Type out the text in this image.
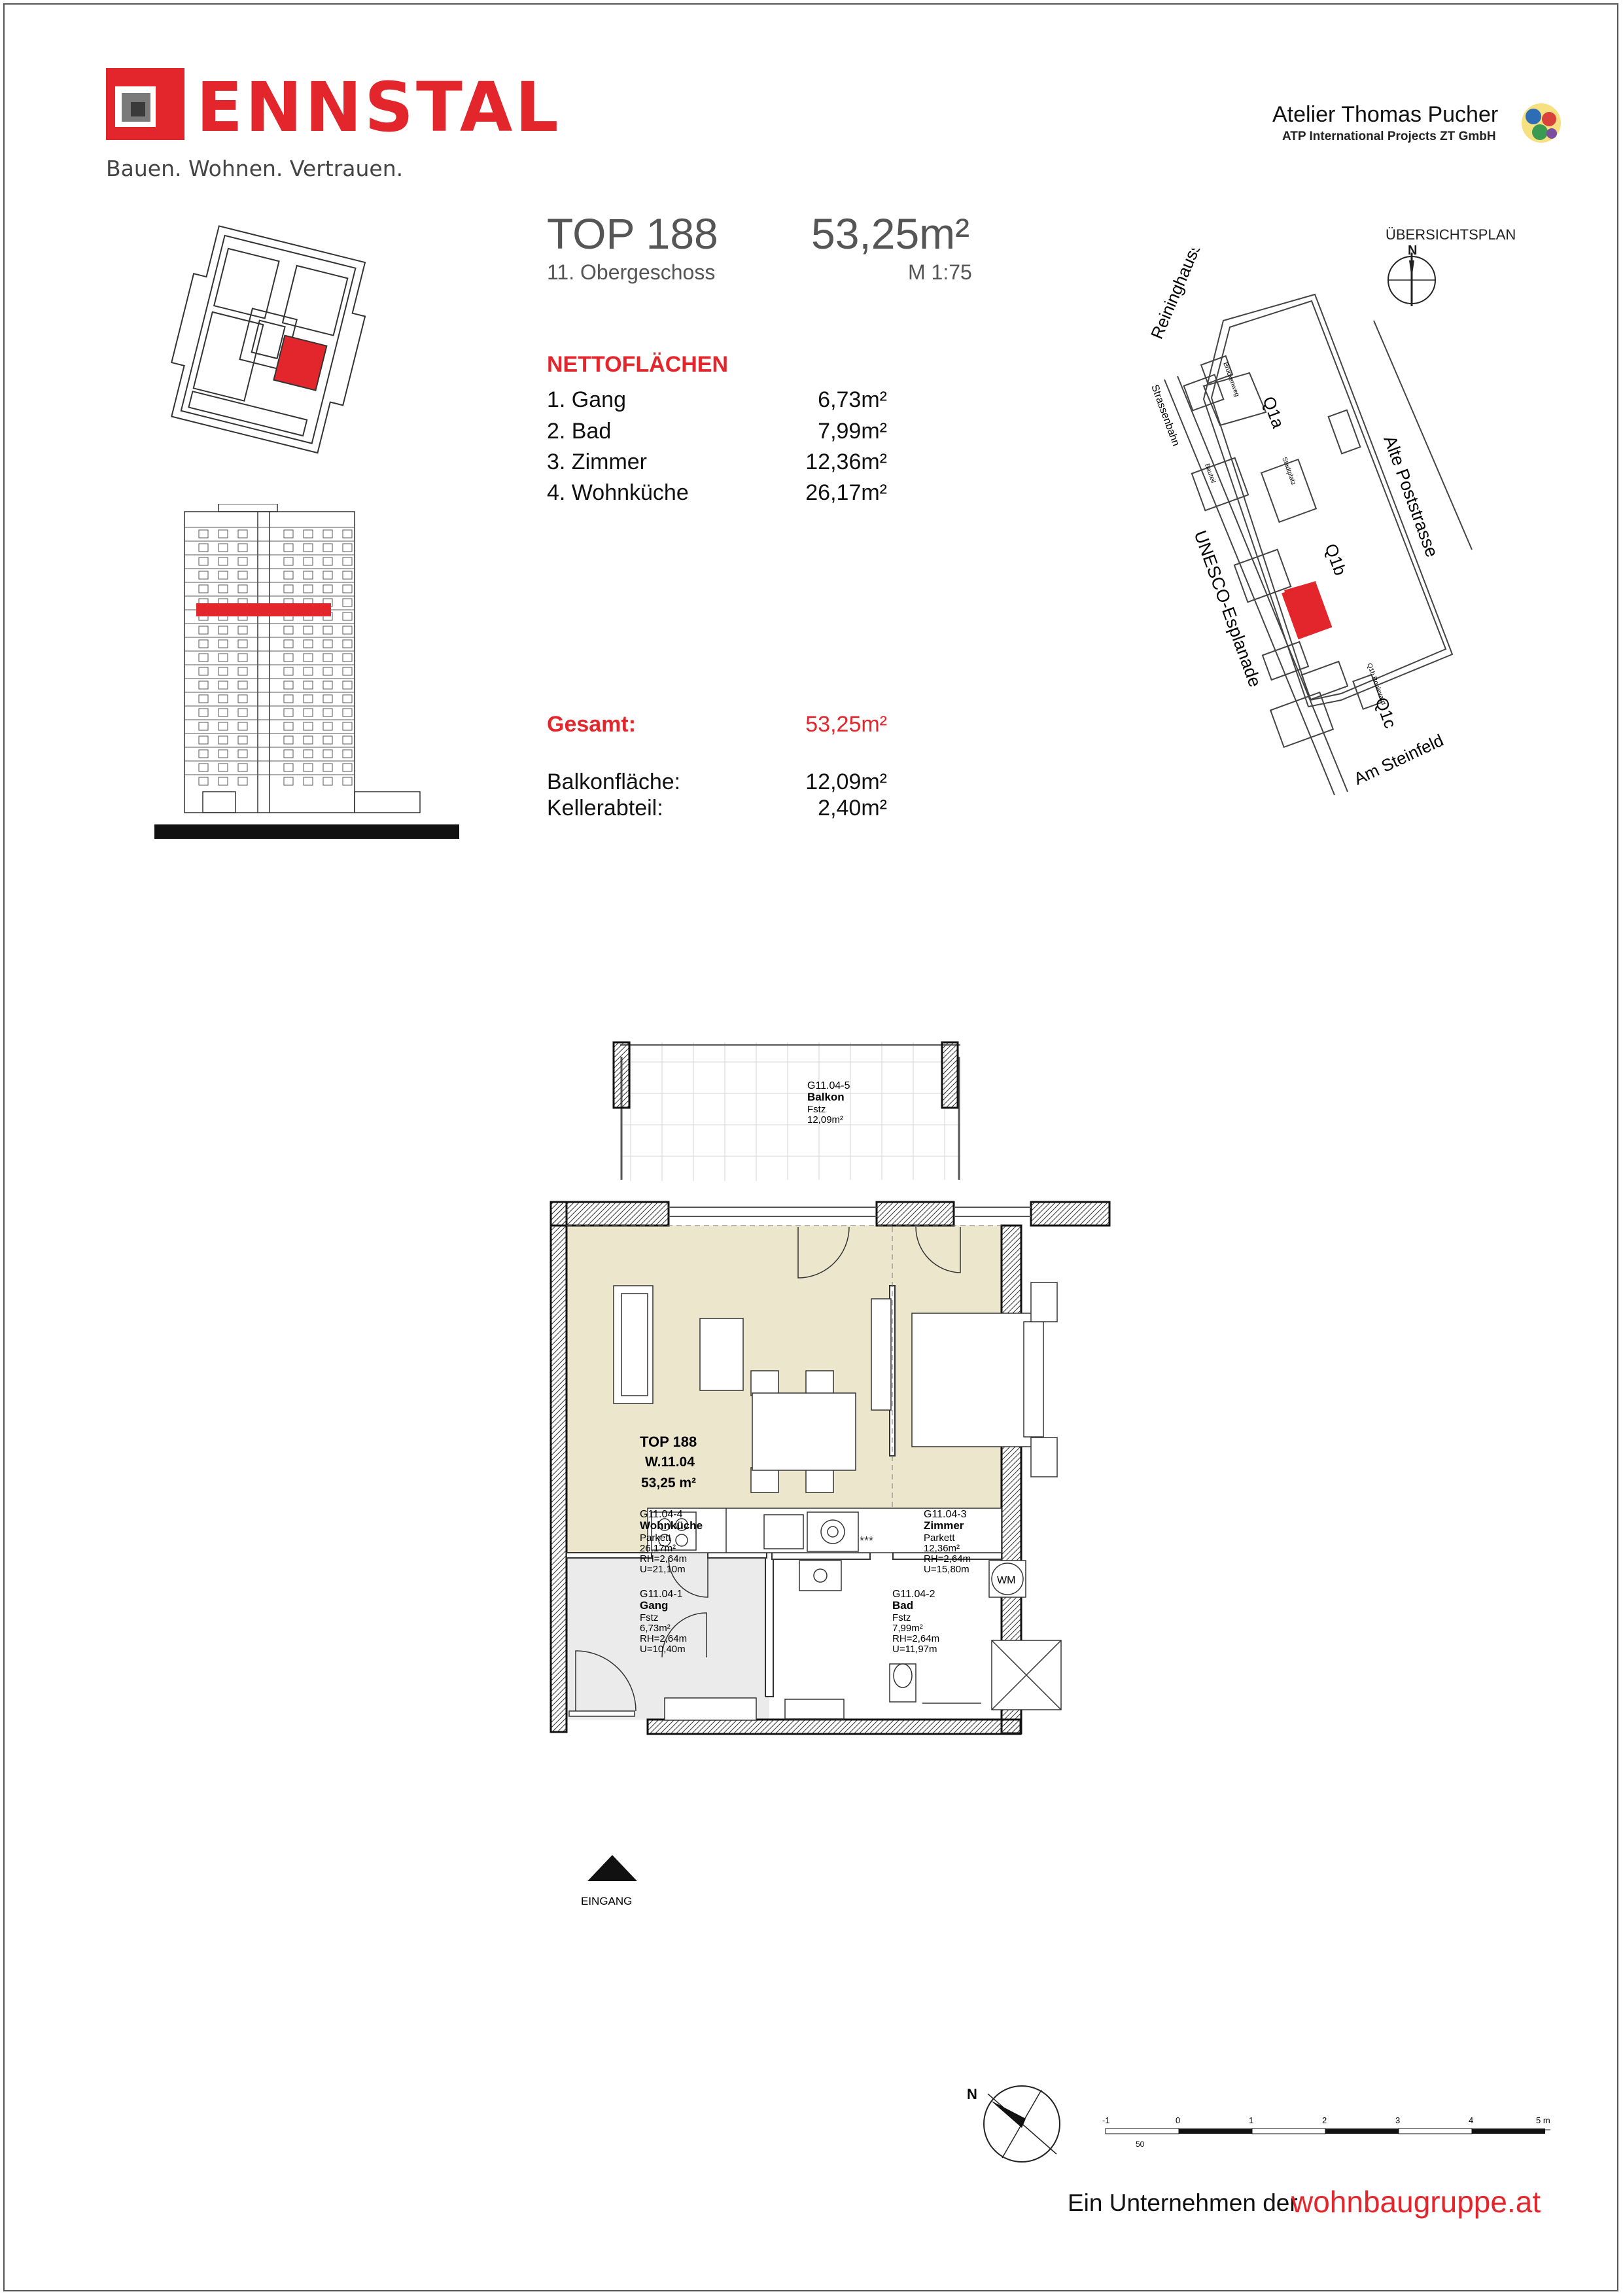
ENNSTAL
Bauen. Wohnen. Vertrauen.
Atelier Thomas Pucher
ATP International Projects ZT GmbH
TOP 188 53,25m²
11. Obergeschoss	M 1:75
NETTOFLÄCHEN
1. Gang	6,73m²
2. Bad	7,99m²
3. Zimmer	12,36m²
4. Wohnküche	26,17m²
Gesamt:	53,25m²
Balkonfläche:	12,09m²
Kellerabteil:	2,40m²
ÜBERSICHTSPLAN
N
Reininghausstrasse
Strassenbahn
Alte Poststrasse
UNESCO-Esplanade
Am Steinfeld
Q1a
Q1b
Q1c
Brückenweg
Bauteil	Stadtplatz
Q1b Boulevard
***
G11.04-5
Balkon
Fstz
12,09m²
TOP 188
W.11.04
53,25 m²
G11.04-4
Wohnküche
Parkett
26,17m²
RH=2,64m
U=21,10m
G11.04-3
Zimmer
Parkett
12,36m²
RH=2,64m
U=15,80m
G11.04-1
Gang
Fstz
6,73m²
RH=2,64m
U=10,40m
G11.04-2
Bad
Fstz
7,99m²
RH=2,64m
U=11,97m
WM
EINGANG
N
-1	0	1	2	3	4	5 m
50
Ein Unternehmen der
wohnbaugruppe.at
